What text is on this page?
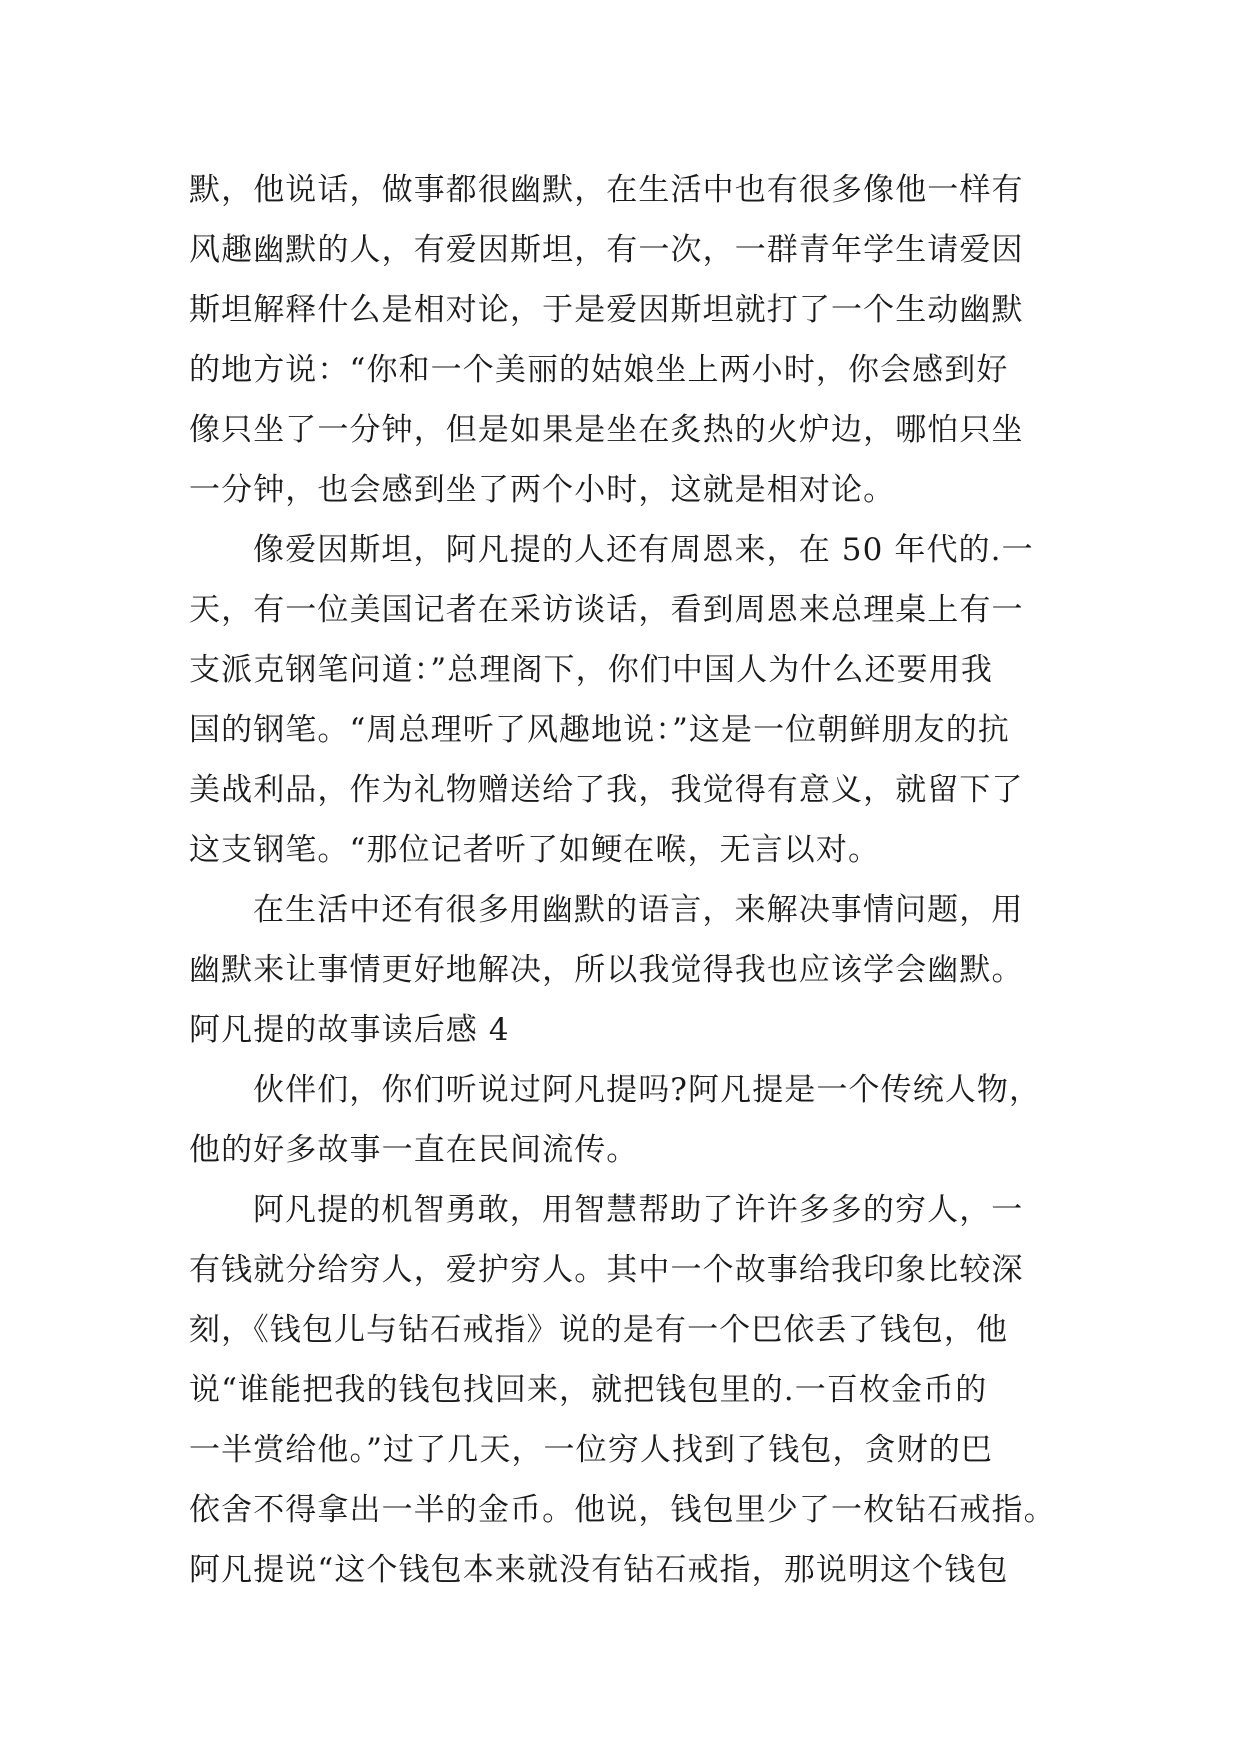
默，他说话，做事都很幽默，在生活中也有很多像他一样有
风趣幽默的人，有爱因斯坦，有一次，一群青年学生请爱因
斯坦解释什么是相对论，于是爱因斯坦就打了一个生动幽默
的地方说：“你和一个美丽的姑娘坐上两小时，你会感到好
像只坐了一分钟，但是如果是坐在炙热的火炉边，哪怕只坐
一分钟，也会感到坐了两个小时，这就是相对论。
像爱因斯坦，阿凡提的人还有周恩来，在 50 年代的.一
天，有一位美国记者在采访谈话，看到周恩来总理桌上有一
支派克钢笔问道：”总理阁下，你们中国人为什么还要用我
国的钢笔。“周总理听了风趣地说：”这是一位朝鲜朋友的抗
美战利品，作为礼物赠送给了我，我觉得有意义，就留下了
这支钢笔。“那位记者听了如鲠在喉，无言以对。
在生活中还有很多用幽默的语言，来解决事情问题，用
幽默来让事情更好地解决，所以我觉得我也应该学会幽默。
阿凡提的故事读后感 4
伙伴们，你们听说过阿凡提吗?阿凡提是一个传统人物，
他的好多故事一直在民间流传。
阿凡提的机智勇敢，用智慧帮助了许许多多的穷人，一
有钱就分给穷人，爱护穷人。其中一个故事给我印象比较深
刻，《钱包儿与钻石戒指》说的是有一个巴依丢了钱包，他
说“谁能把我的钱包找回来，就把钱包里的.一百枚金币的
一半赏给他。”过了几天，一位穷人找到了钱包，贪财的巴
依舍不得拿出一半的金币。他说，钱包里少了一枚钻石戒指。
阿凡提说“这个钱包本来就没有钻石戒指，那说明这个钱包
